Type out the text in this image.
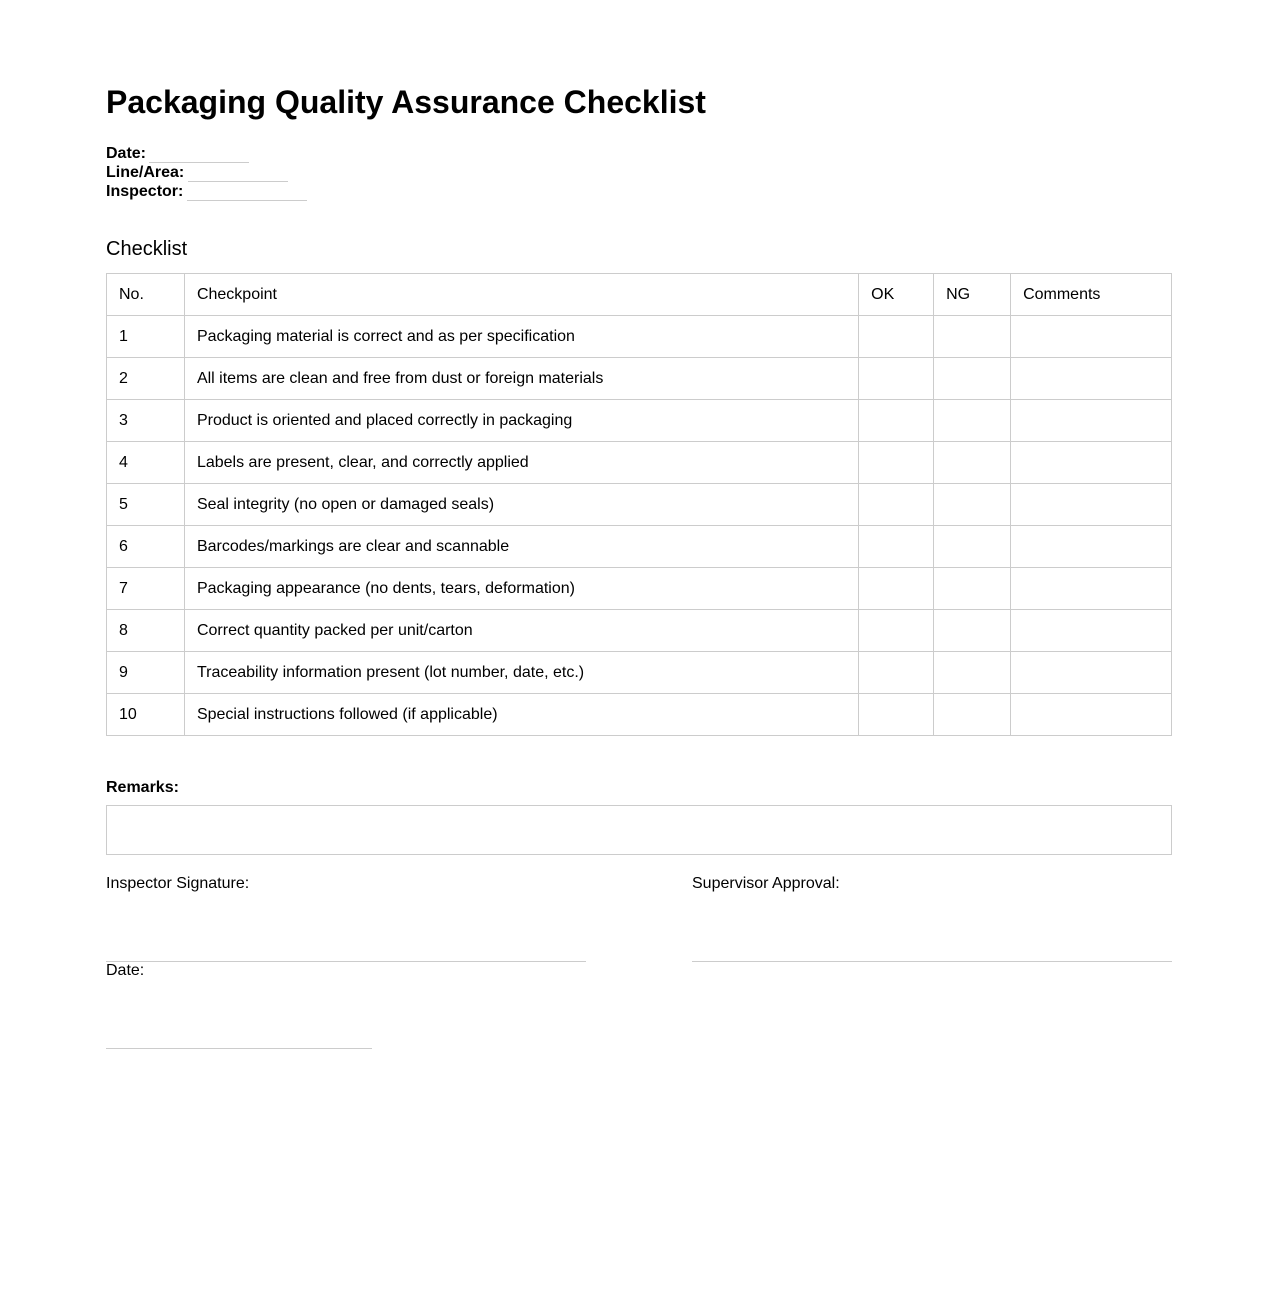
Packaging Quality Assurance Checklist
Date:
Line/Area:
Inspector:
Checklist
No.	Checkpoint	OK	NG	Comments
1	Packaging material is correct and as per specification			
2	All items are clean and free from dust or foreign materials			
3	Product is oriented and placed correctly in packaging			
4	Labels are present, clear, and correctly applied			
5	Seal integrity (no open or damaged seals)			
6	Barcodes/markings are clear and scannable			
7	Packaging appearance (no dents, tears, deformation)			
8	Correct quantity packed per unit/carton			
9	Traceability information present (lot number, date, etc.)			
10	Special instructions followed (if applicable)			
Remarks:
Inspector Signature:	Supervisor Approval:
Date:
